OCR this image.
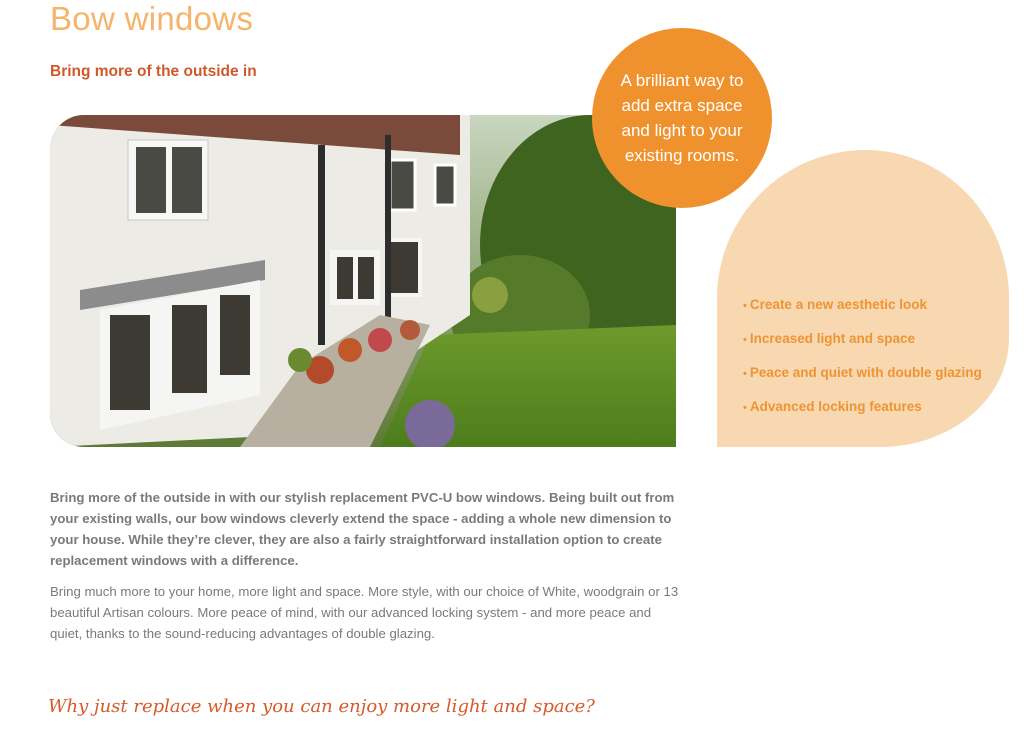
Bow windows
Bring more of the outside in	A brilliant way to add extra space and light to your existing rooms.
• Create a new aesthetic look
• Increased light and space
• Peace and quiet with double glazing
• Advanced locking features

Bring more of the outside in with our stylish replacement PVC-U bow windows. Being built out from your existing walls, our bow windows cleverly extend the space - adding a whole new dimension to your house. While they’re clever, they are also a fairly straightforward installation option to create replacement windows with a difference.

Bring much more to your home, more light and space. More style, with our choice of White, woodgrain or 13 beautiful Artisan colours. More peace of mind, with our advanced locking system - and more peace and quiet, thanks to the sound-reducing advantages of double glazing.

Why just replace when you can enjoy more light and space?
